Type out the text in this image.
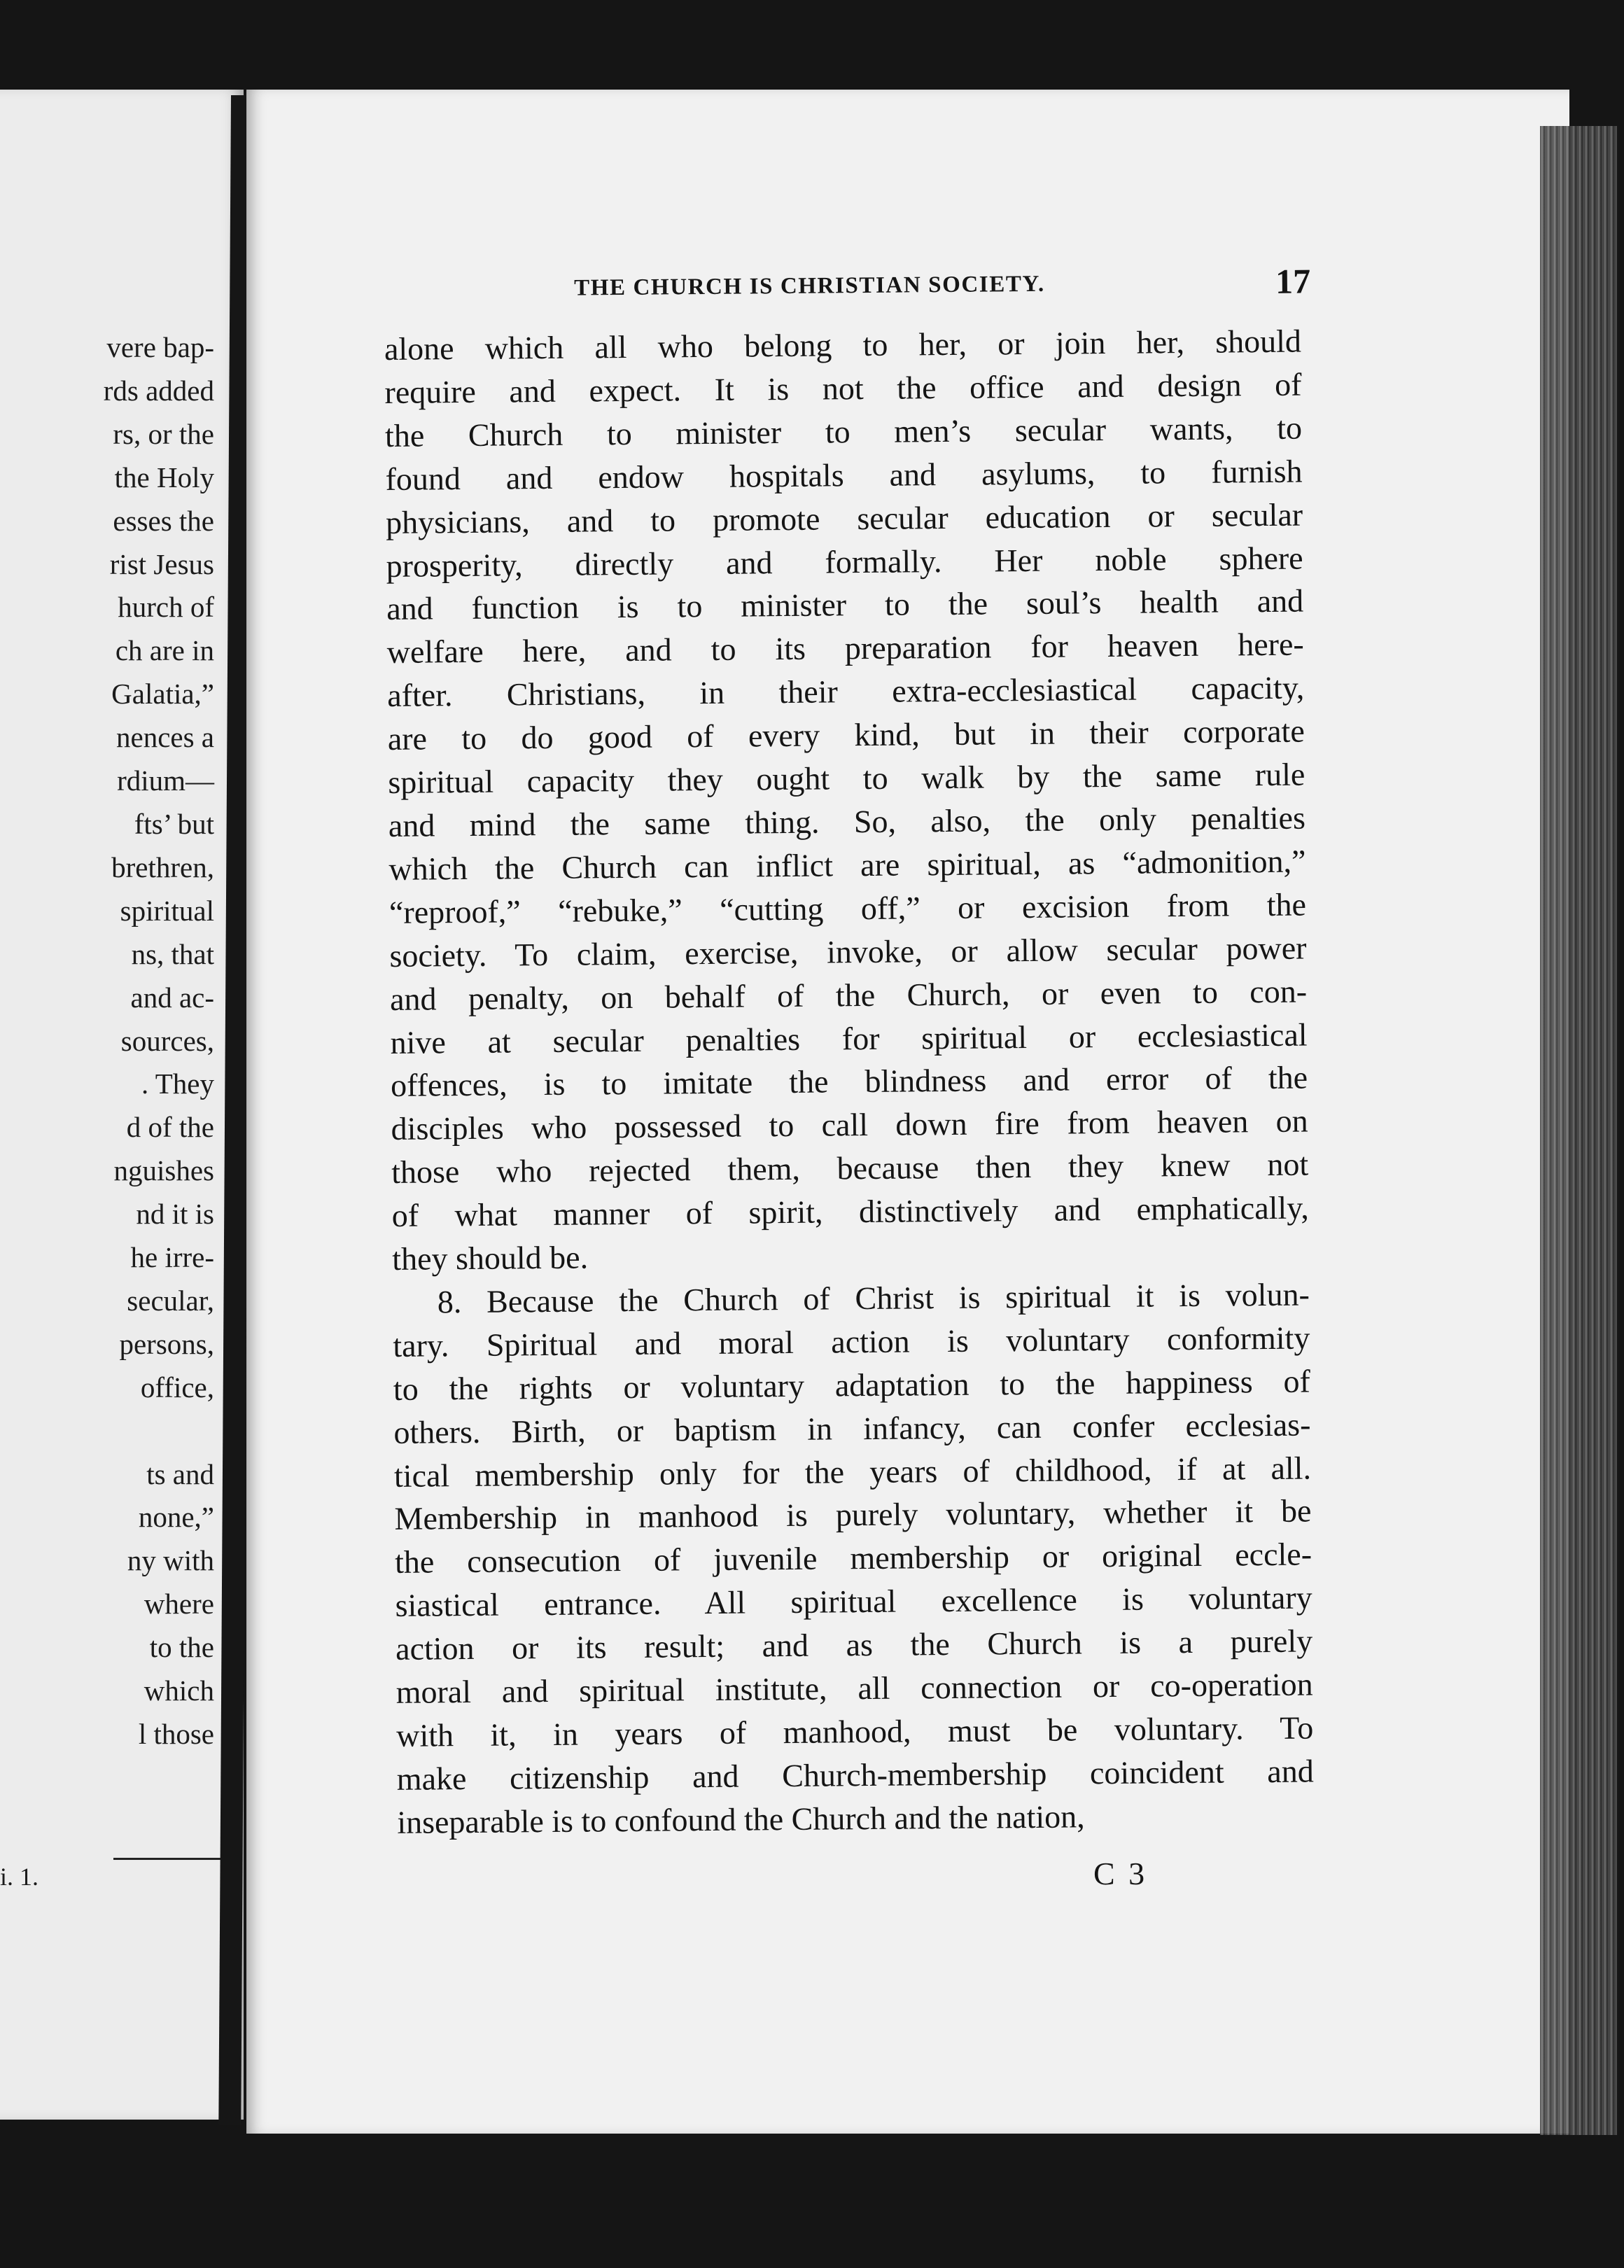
vere bap-
rds added
rs, or the
the Holy
esses the
rist Jesus
hurch of
ch are in
Galatia,”
nences a
rdium—
fts’ but
brethren,
spiritual
ns, that
and ac-
sources,
. They
d of the
nguishes
nd it is
he irre-
secular,
persons,
office,

ts and
none,”
ny with
where
to the
which
l those
i. 1.
THE CHURCH IS CHRISTIAN SOCIETY.	17

alone which all who belong to her, or join her, should
require and expect. It is not the office and design of
the Church to minister to men’s secular wants, to
found and endow hospitals and asylums, to furnish
physicians, and to promote secular education or secular
prosperity, directly and formally. Her noble sphere
and function is to minister to the soul’s health and
welfare here, and to its preparation for heaven here-
after. Christians, in their extra-ecclesiastical capacity,
are to do good of every kind, but in their corporate
spiritual capacity they ought to walk by the same rule
and mind the same thing. So, also, the only penalties
which the Church can inflict are spiritual, as “admonition,”
“reproof,” “rebuke,” “cutting off,” or excision from the
society. To claim, exercise, invoke, or allow secular power
and penalty, on behalf of the Church, or even to con-
nive at secular penalties for spiritual or ecclesiastical
offences, is to imitate the blindness and error of the
disciples who possessed to call down fire from heaven on
those who rejected them, because then they knew not
of what manner of spirit, distinctively and emphatically,
they should be.

8. Because the Church of Christ is spiritual it is volun-
tary. Spiritual and moral action is voluntary conformity
to the rights or voluntary adaptation to the happiness of
others. Birth, or baptism in infancy, can confer ecclesias-
tical membership only for the years of childhood, if at all.
Membership in manhood is purely voluntary, whether it be
the consecution of juvenile membership or original eccle-
siastical entrance. All spiritual excellence is voluntary
action or its result; and as the Church is a purely
moral and spiritual institute, all connection or co-operation
with it, in years of manhood, must be voluntary. To
make citizenship and Church-membership coincident and
inseparable is to confound the Church and the nation,

C 3
